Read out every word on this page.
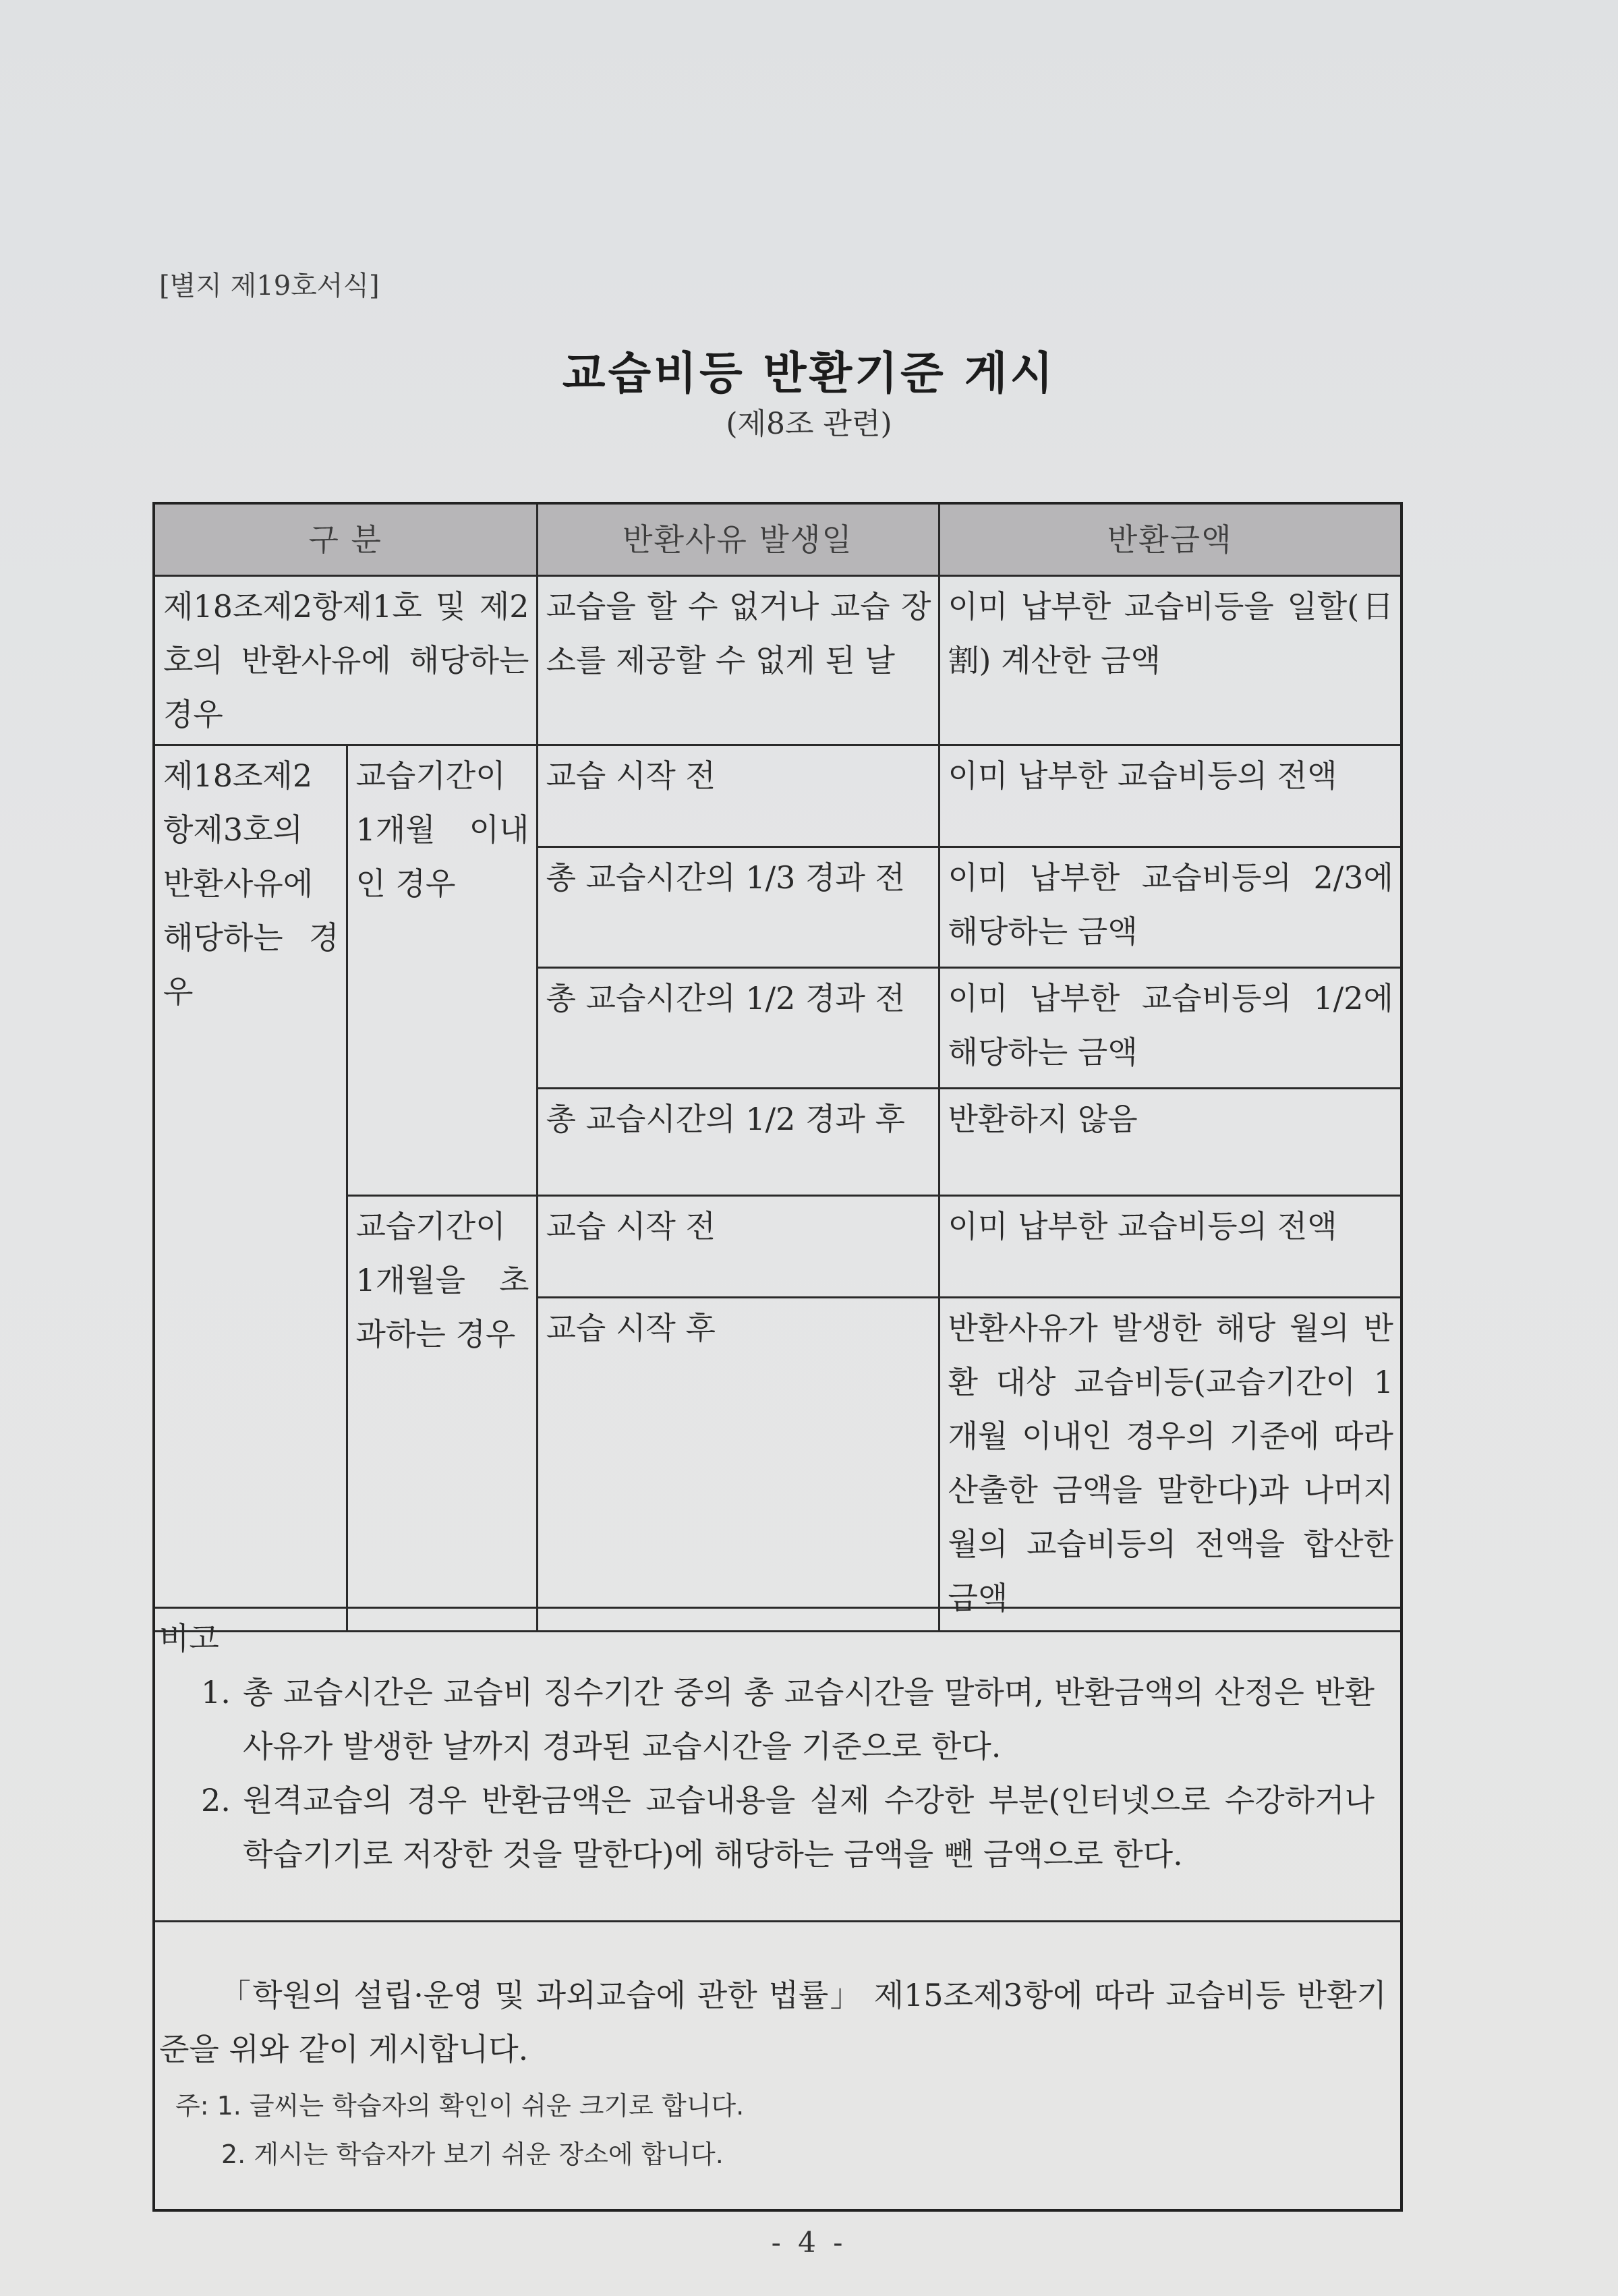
[별지 제19호서식]
교습비등 반환기준 게시
(제8조 관련)
구 분		반환사유 발생일	반환금액
제18조제2항제1호 및 제2호의 반환사유에 해당하는 경우		교습을 할 수 없거나 교습 장소를 제공할 수 없게 된 날	이미 납부한 교습비등을 일할(日割) 계산한 금액
제18조제2항제3호의 반환사유에 해당하는 경우	교습기간이 1개월 이내인 경우	교습 시작 전	이미 납부한 교습비등의 전액
		총 교습시간의 1/3 경과 전	이미 납부한 교습비등의 2/3에 해당하는 금액
		총 교습시간의 1/2 경과 전	이미 납부한 교습비등의 1/2에 해당하는 금액
		총 교습시간의 1/2 경과 후	반환하지 않음
	교습기간이 1개월을 초과하는 경우	교습 시작 전	이미 납부한 교습비등의 전액
		교습 시작 후	반환사유가 발생한 해당 월의 반환 대상 교습비등(교습기간이 1개월 이내인 경우의 기준에 따라 산출한 금액을 말한다)과 나머지 월의 교습비등의 전액을 합산한 금액
비고
1. 총 교습시간은 교습비 징수기간 중의 총 교습시간을 말하며, 반환금액의 산정은 반환사유가 발생한 날까지 경과된 교습시간을 기준으로 한다.
2. 원격교습의 경우 반환금액은 교습내용을 실제 수강한 부분(인터넷으로 수강하거나 학습기기로 저장한 것을 말한다)에 해당하는 금액을 뺀 금액으로 한다.
「학원의 설립·운영 및 과외교습에 관한 법률」 제15조제3항에 따라 교습비등 반환기준을 위와 같이 게시합니다.
주: 1. 글씨는 학습자의 확인이 쉬운 크기로 합니다.
2. 게시는 학습자가 보기 쉬운 장소에 합니다.
- 4 -
